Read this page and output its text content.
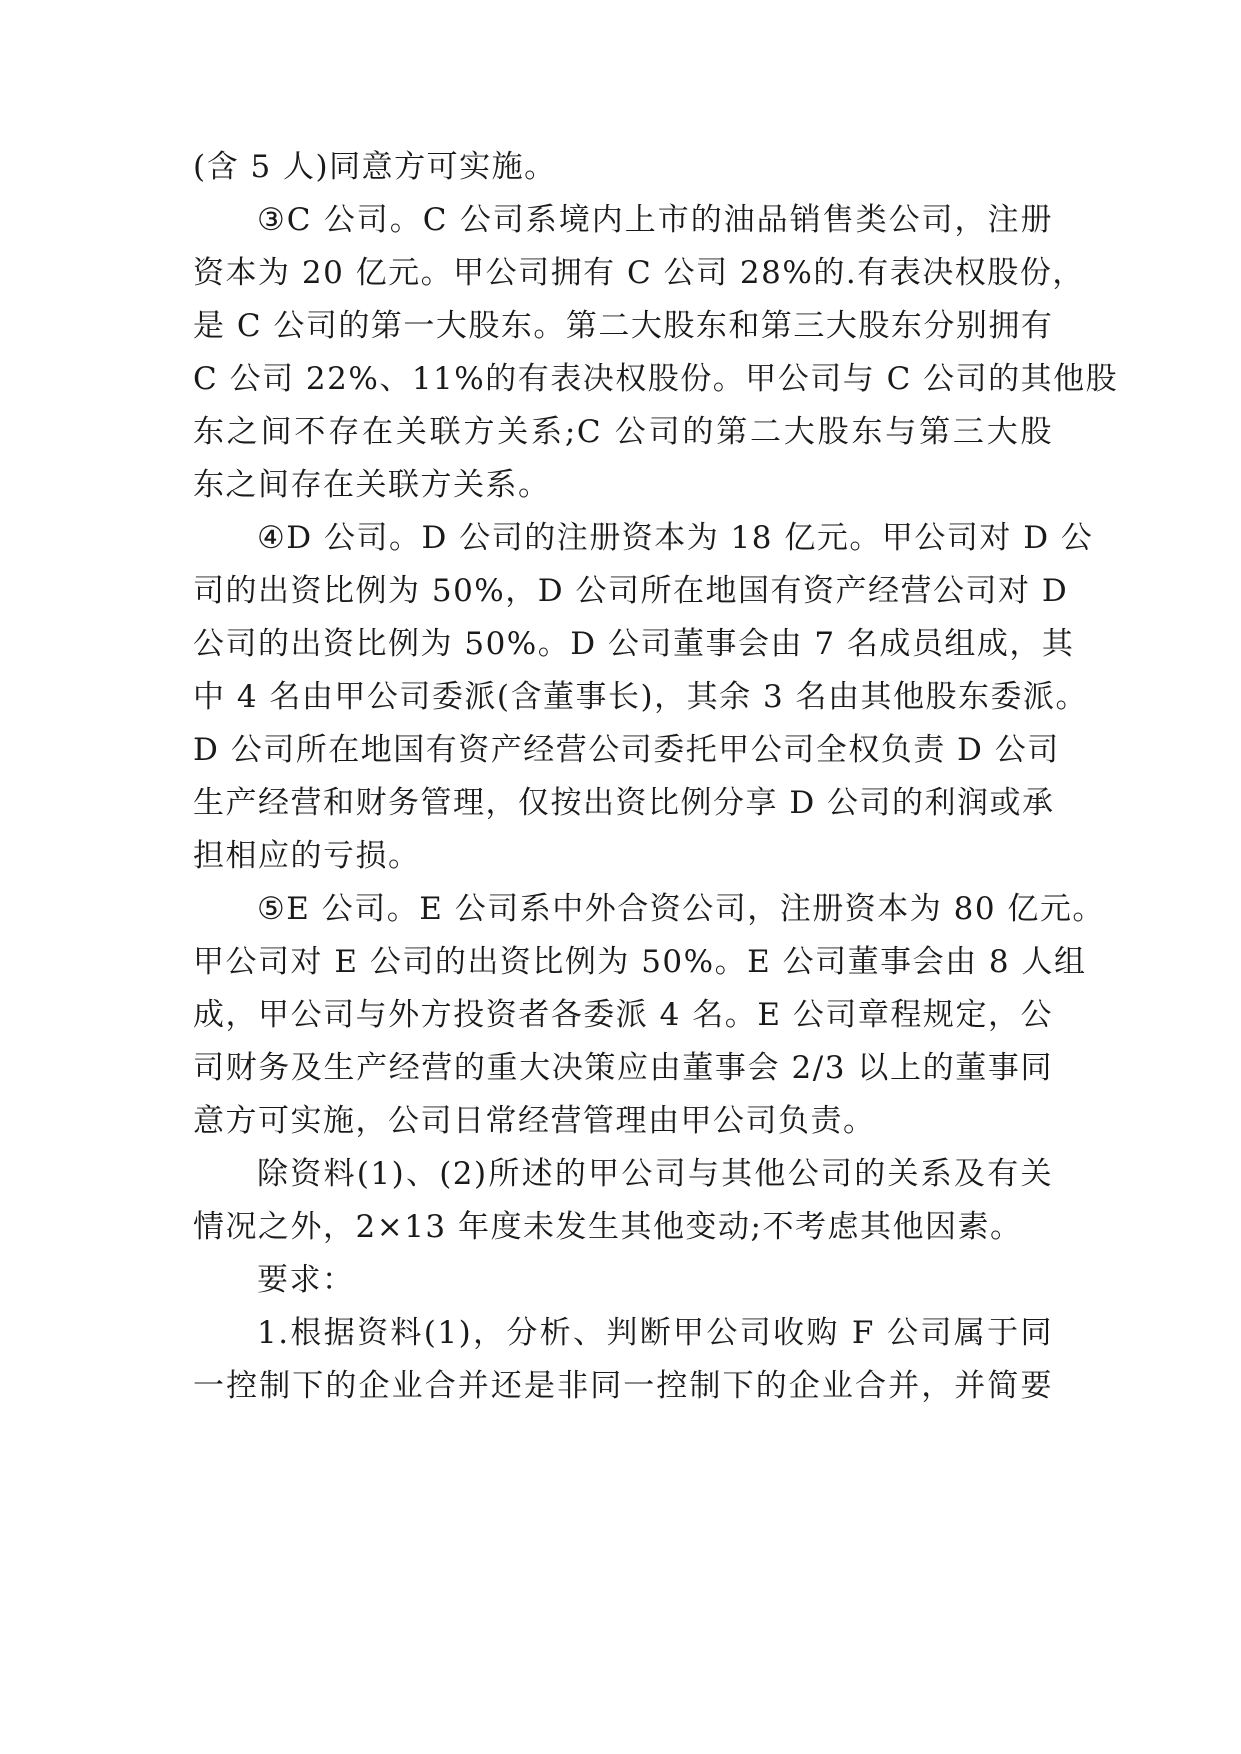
(含 5 人)同意方可实施。
③C 公司。C 公司系境内上市的油品销售类公司，注册
资本为 20 亿元。甲公司拥有 C 公司 28%的.有表决权股份，
是 C 公司的第一大股东。第二大股东和第三大股东分别拥有
C 公司 22%、11%的有表决权股份。甲公司与 C 公司的其他股
东之间不存在关联方关系;C 公司的第二大股东与第三大股
东之间存在关联方关系。
④D 公司。D 公司的注册资本为 18 亿元。甲公司对 D 公
司的出资比例为 50%，D 公司所在地国有资产经营公司对 D
公司的出资比例为 50%。D 公司董事会由 7 名成员组成，其
中 4 名由甲公司委派(含董事长)，其余 3 名由其他股东委派。
D 公司所在地国有资产经营公司委托甲公司全权负责 D 公司
生产经营和财务管理，仅按出资比例分享 D 公司的利润或承
担相应的亏损。
⑤E 公司。E 公司系中外合资公司，注册资本为 80 亿元。
甲公司对 E 公司的出资比例为 50%。E 公司董事会由 8 人组
成，甲公司与外方投资者各委派 4 名。E 公司章程规定，公
司财务及生产经营的重大决策应由董事会 2/3 以上的董事同
意方可实施，公司日常经营管理由甲公司负责。
除资料(1)、(2)所述的甲公司与其他公司的关系及有关
情况之外，2×13 年度未发生其他变动;不考虑其他因素。
要求：
1.根据资料(1)，分析、判断甲公司收购 F 公司属于同
一控制下的企业合并还是非同一控制下的企业合并，并简要
